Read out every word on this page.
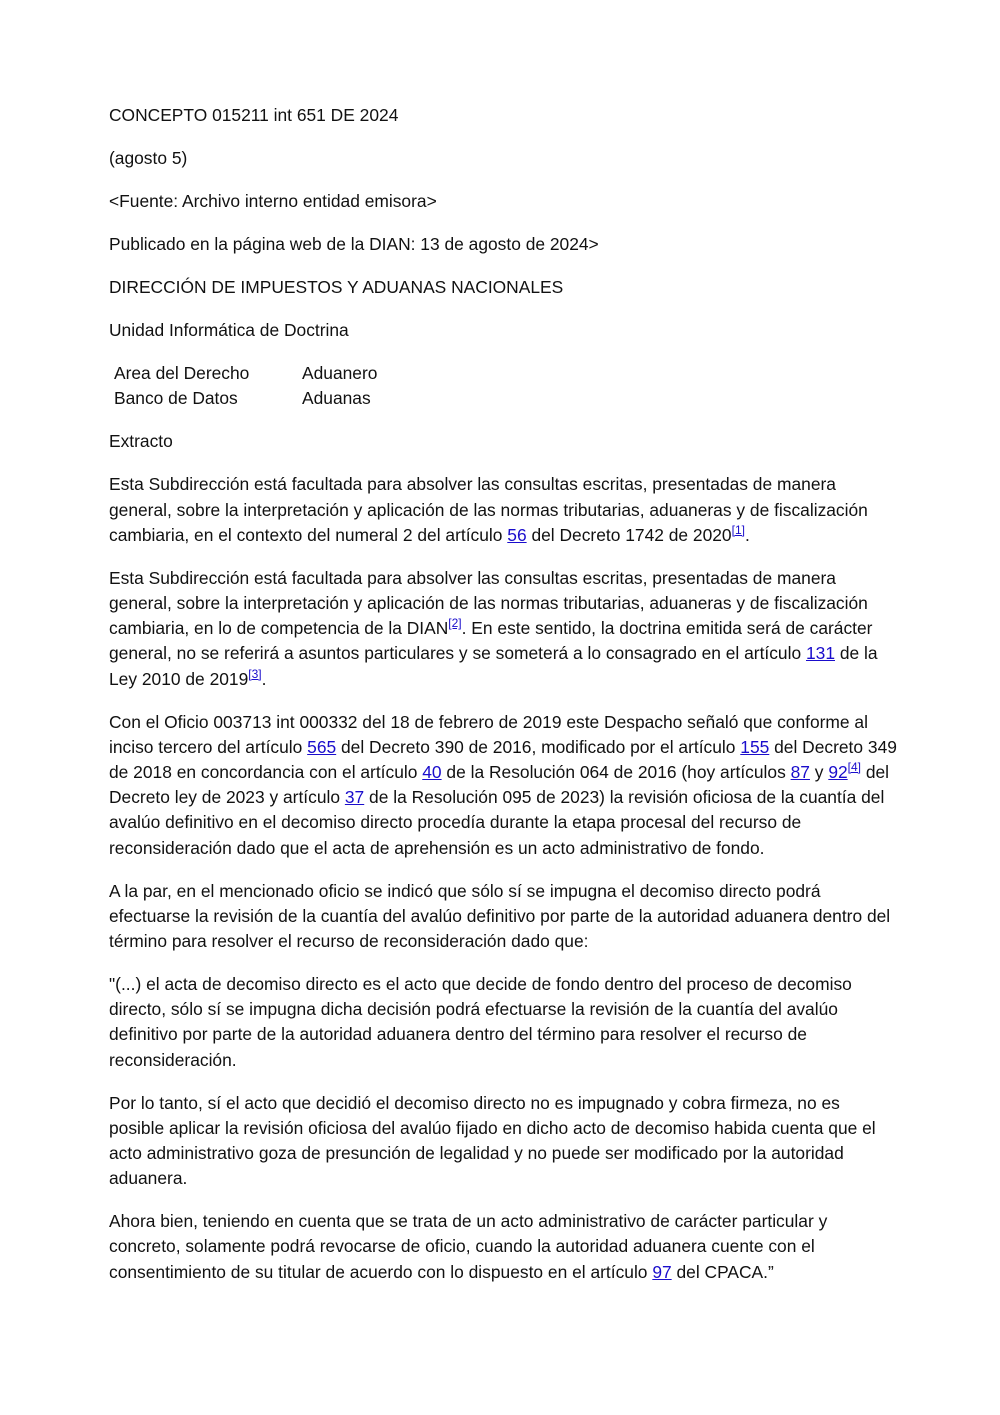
CONCEPTO 015211 int 651 DE 2024
(agosto 5)
<Fuente: Archivo interno entidad emisora>
Publicado en la página web de la DIAN: 13 de agosto de 2024>
DIRECCIÓN DE IMPUESTOS Y ADUANAS NACIONALES
Unidad Informática de Doctrina
Area del Derecho	Aduanero
Banco de Datos	Aduanas
Extracto

Esta Subdirección está facultada para absolver las consultas escritas, presentadas de manera general, sobre la interpretación y aplicación de las normas tributarias, aduaneras y de fiscalización cambiaria, en el contexto del numeral 2 del artículo 56 del Decreto 1742 de 2020[1].

Esta Subdirección está facultada para absolver las consultas escritas, presentadas de manera general, sobre la interpretación y aplicación de las normas tributarias, aduaneras y de fiscalización cambiaria, en lo de competencia de la DIAN[2]. En este sentido, la doctrina emitida será de carácter general, no se referirá a asuntos particulares y se someterá a lo consagrado en el artículo 131 de la Ley 2010 de 2019[3].

Con el Oficio 003713 int 000332 del 18 de febrero de 2019 este Despacho señaló que conforme al inciso tercero del artículo 565 del Decreto 390 de 2016, modificado por el artículo 155 del Decreto 349 de 2018 en concordancia con el artículo 40 de la Resolución 064 de 2016 (hoy artículos 87 y 92[4] del Decreto ley de 2023 y artículo 37 de la Resolución 095 de 2023) la revisión oficiosa de la cuantía del avalúo definitivo en el decomiso directo procedía durante la etapa procesal del recurso de reconsideración dado que el acta de aprehensión es un acto administrativo de fondo.

A la par, en el mencionado oficio se indicó que sólo sí se impugna el decomiso directo podrá efectuarse la revisión de la cuantía del avalúo definitivo por parte de la autoridad aduanera dentro del término para resolver el recurso de reconsideración dado que:

"(...) el acta de decomiso directo es el acto que decide de fondo dentro del proceso de decomiso directo, sólo sí se impugna dicha decisión podrá efectuarse la revisión de la cuantía del avalúo definitivo por parte de la autoridad aduanera dentro del término para resolver el recurso de reconsideración.

Por lo tanto, sí el acto que decidió el decomiso directo no es impugnado y cobra firmeza, no es posible aplicar la revisión oficiosa del avalúo fijado en dicho acto de decomiso habida cuenta que el acto administrativo goza de presunción de legalidad y no puede ser modificado por la autoridad aduanera.

Ahora bien, teniendo en cuenta que se trata de un acto administrativo de carácter particular y concreto, solamente podrá revocarse de oficio, cuando la autoridad aduanera cuente con el consentimiento de su titular de acuerdo con lo dispuesto en el artículo 97 del CPACA.”
